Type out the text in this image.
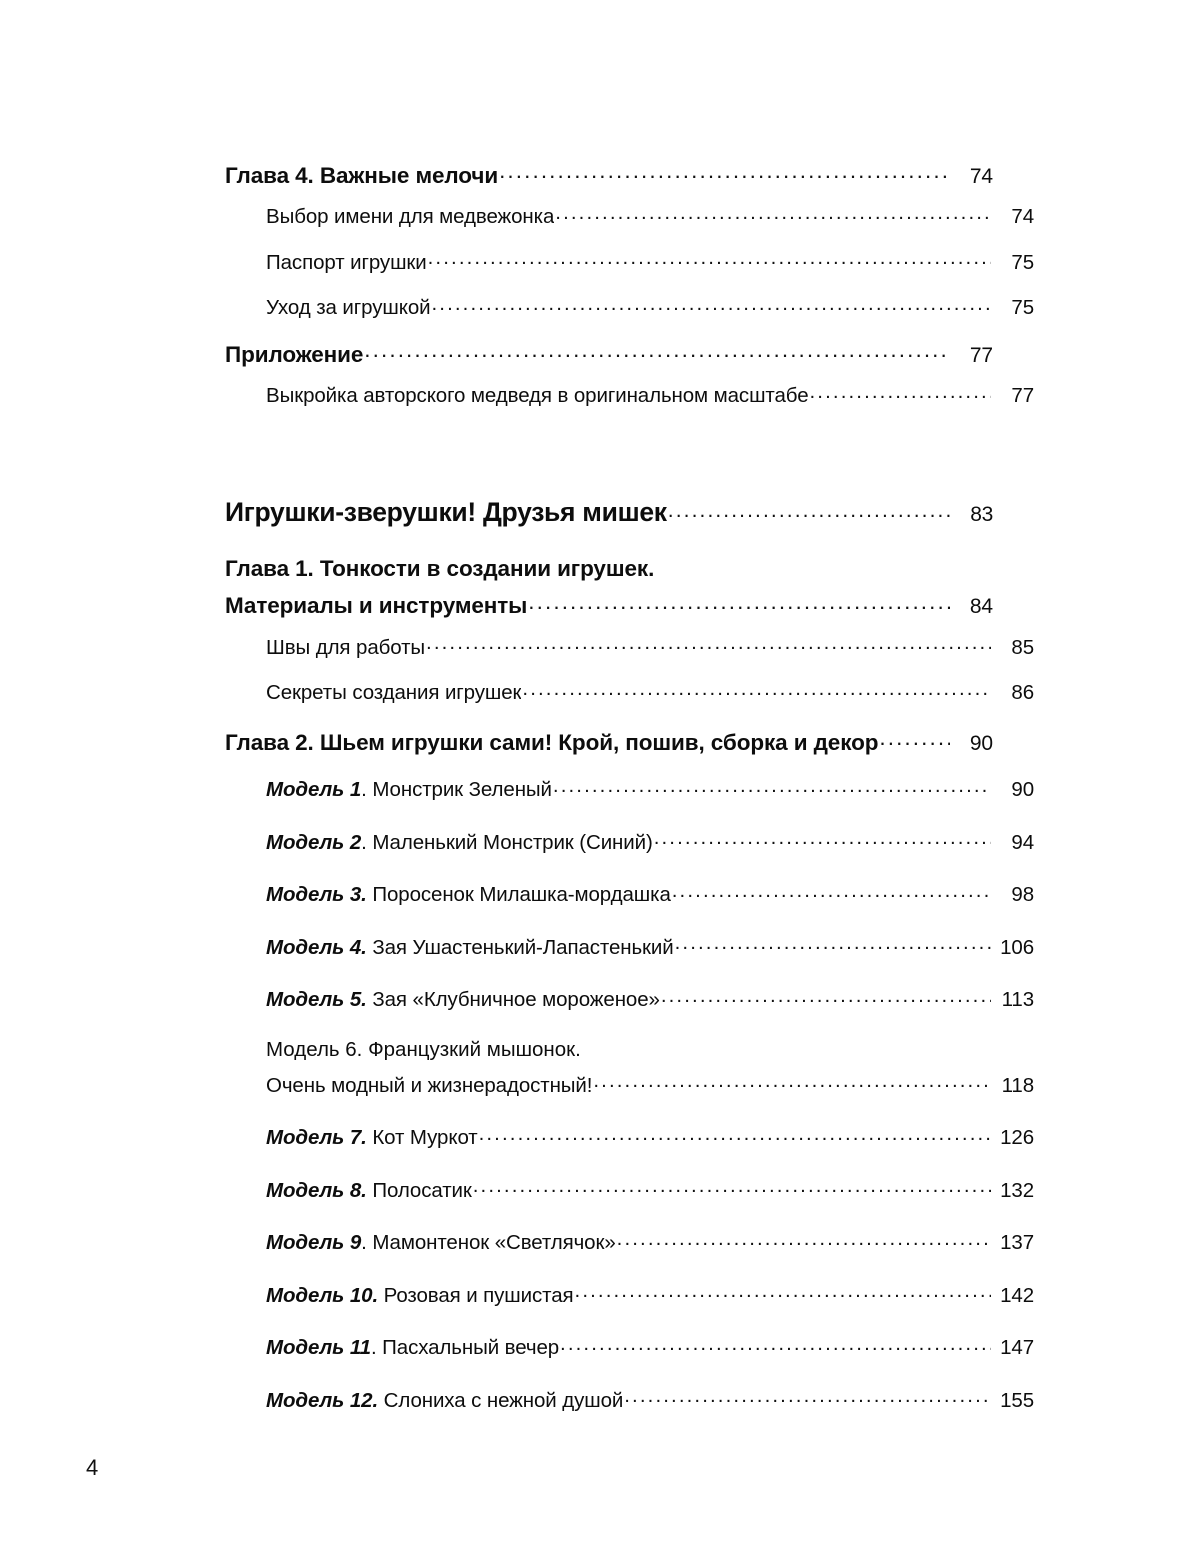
Глава 4. Важные мелочи .....	74
Выбор имени для медвежонка .....	74
Паспорт игрушки .....	75
Уход за игрушкой .....	75
Приложение .....	77
Выкройка авторского медведя в оригинальном масштабе .....	77
Игрушки-зверушки! Друзья мишек .....	83
Глава 1. Тонкости в создании игрушек.
Материалы и инструменты .....	84
Швы для работы .....	85
Секреты создания игрушек .....	86
Глава 2. Шьем игрушки сами! Крой, пошив, сборка и декор .....	90
Модель 1. Монстрик Зеленый .....	90
Модель 2. Маленький Монстрик (Синий) .....	94
Модель 3. Поросенок Милашка-мордашка .....	98
Модель 4. Зая Ушастенький-Лапастенький .....	106
Модель 5. Зая «Клубничное мороженое» .....	113
Модель 6. Французкий мышонок.
Очень модный и жизнерадостный! .....	118
Модель 7. Кот Муркот .....	126
Модель 8. Полосатик .....	132
Модель 9. Мамонтенок «Светлячок» .....	137
Модель 10. Розовая и пушистая .....	142
Модель 11. Пасхальный вечер .....	147
Модель 12. Слониха с нежной душой .....	155
4
